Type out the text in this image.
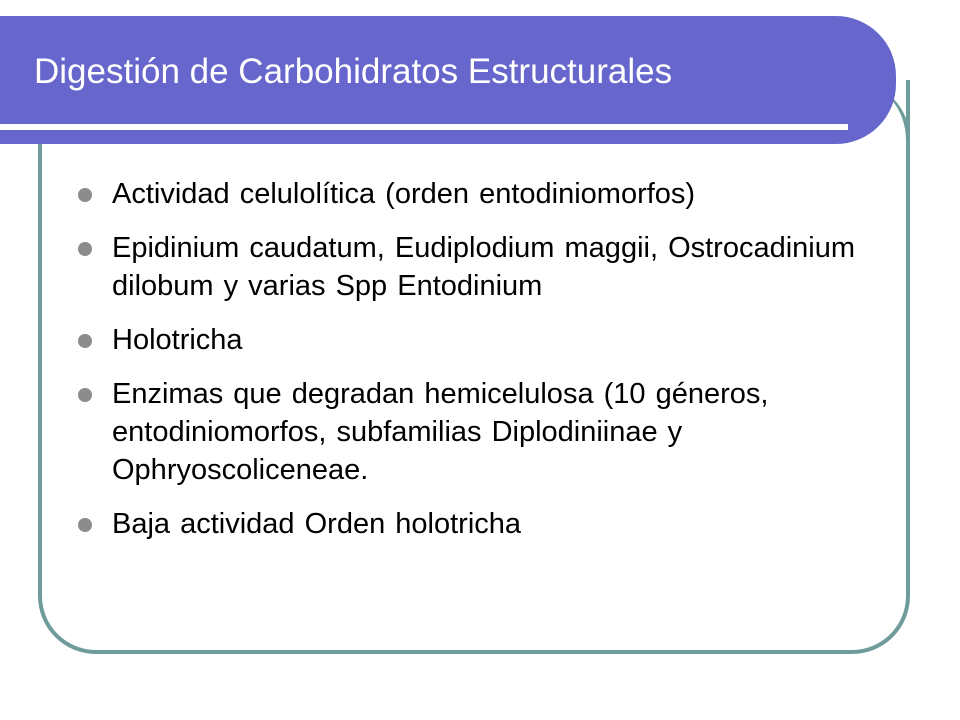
Digestión de Carbohidratos Estructurales
Actividad celulolítica (orden entodiniomorfos)
Epidinium caudatum, Eudiplodium maggii, Ostrocadinium dilobum y varias Spp Entodinium
Holotricha
Enzimas que degradan hemicelulosa (10 géneros, entodiniomorfos, subfamilias Diplodiniinae y Ophryoscoliceneae.
Baja actividad Orden holotricha
